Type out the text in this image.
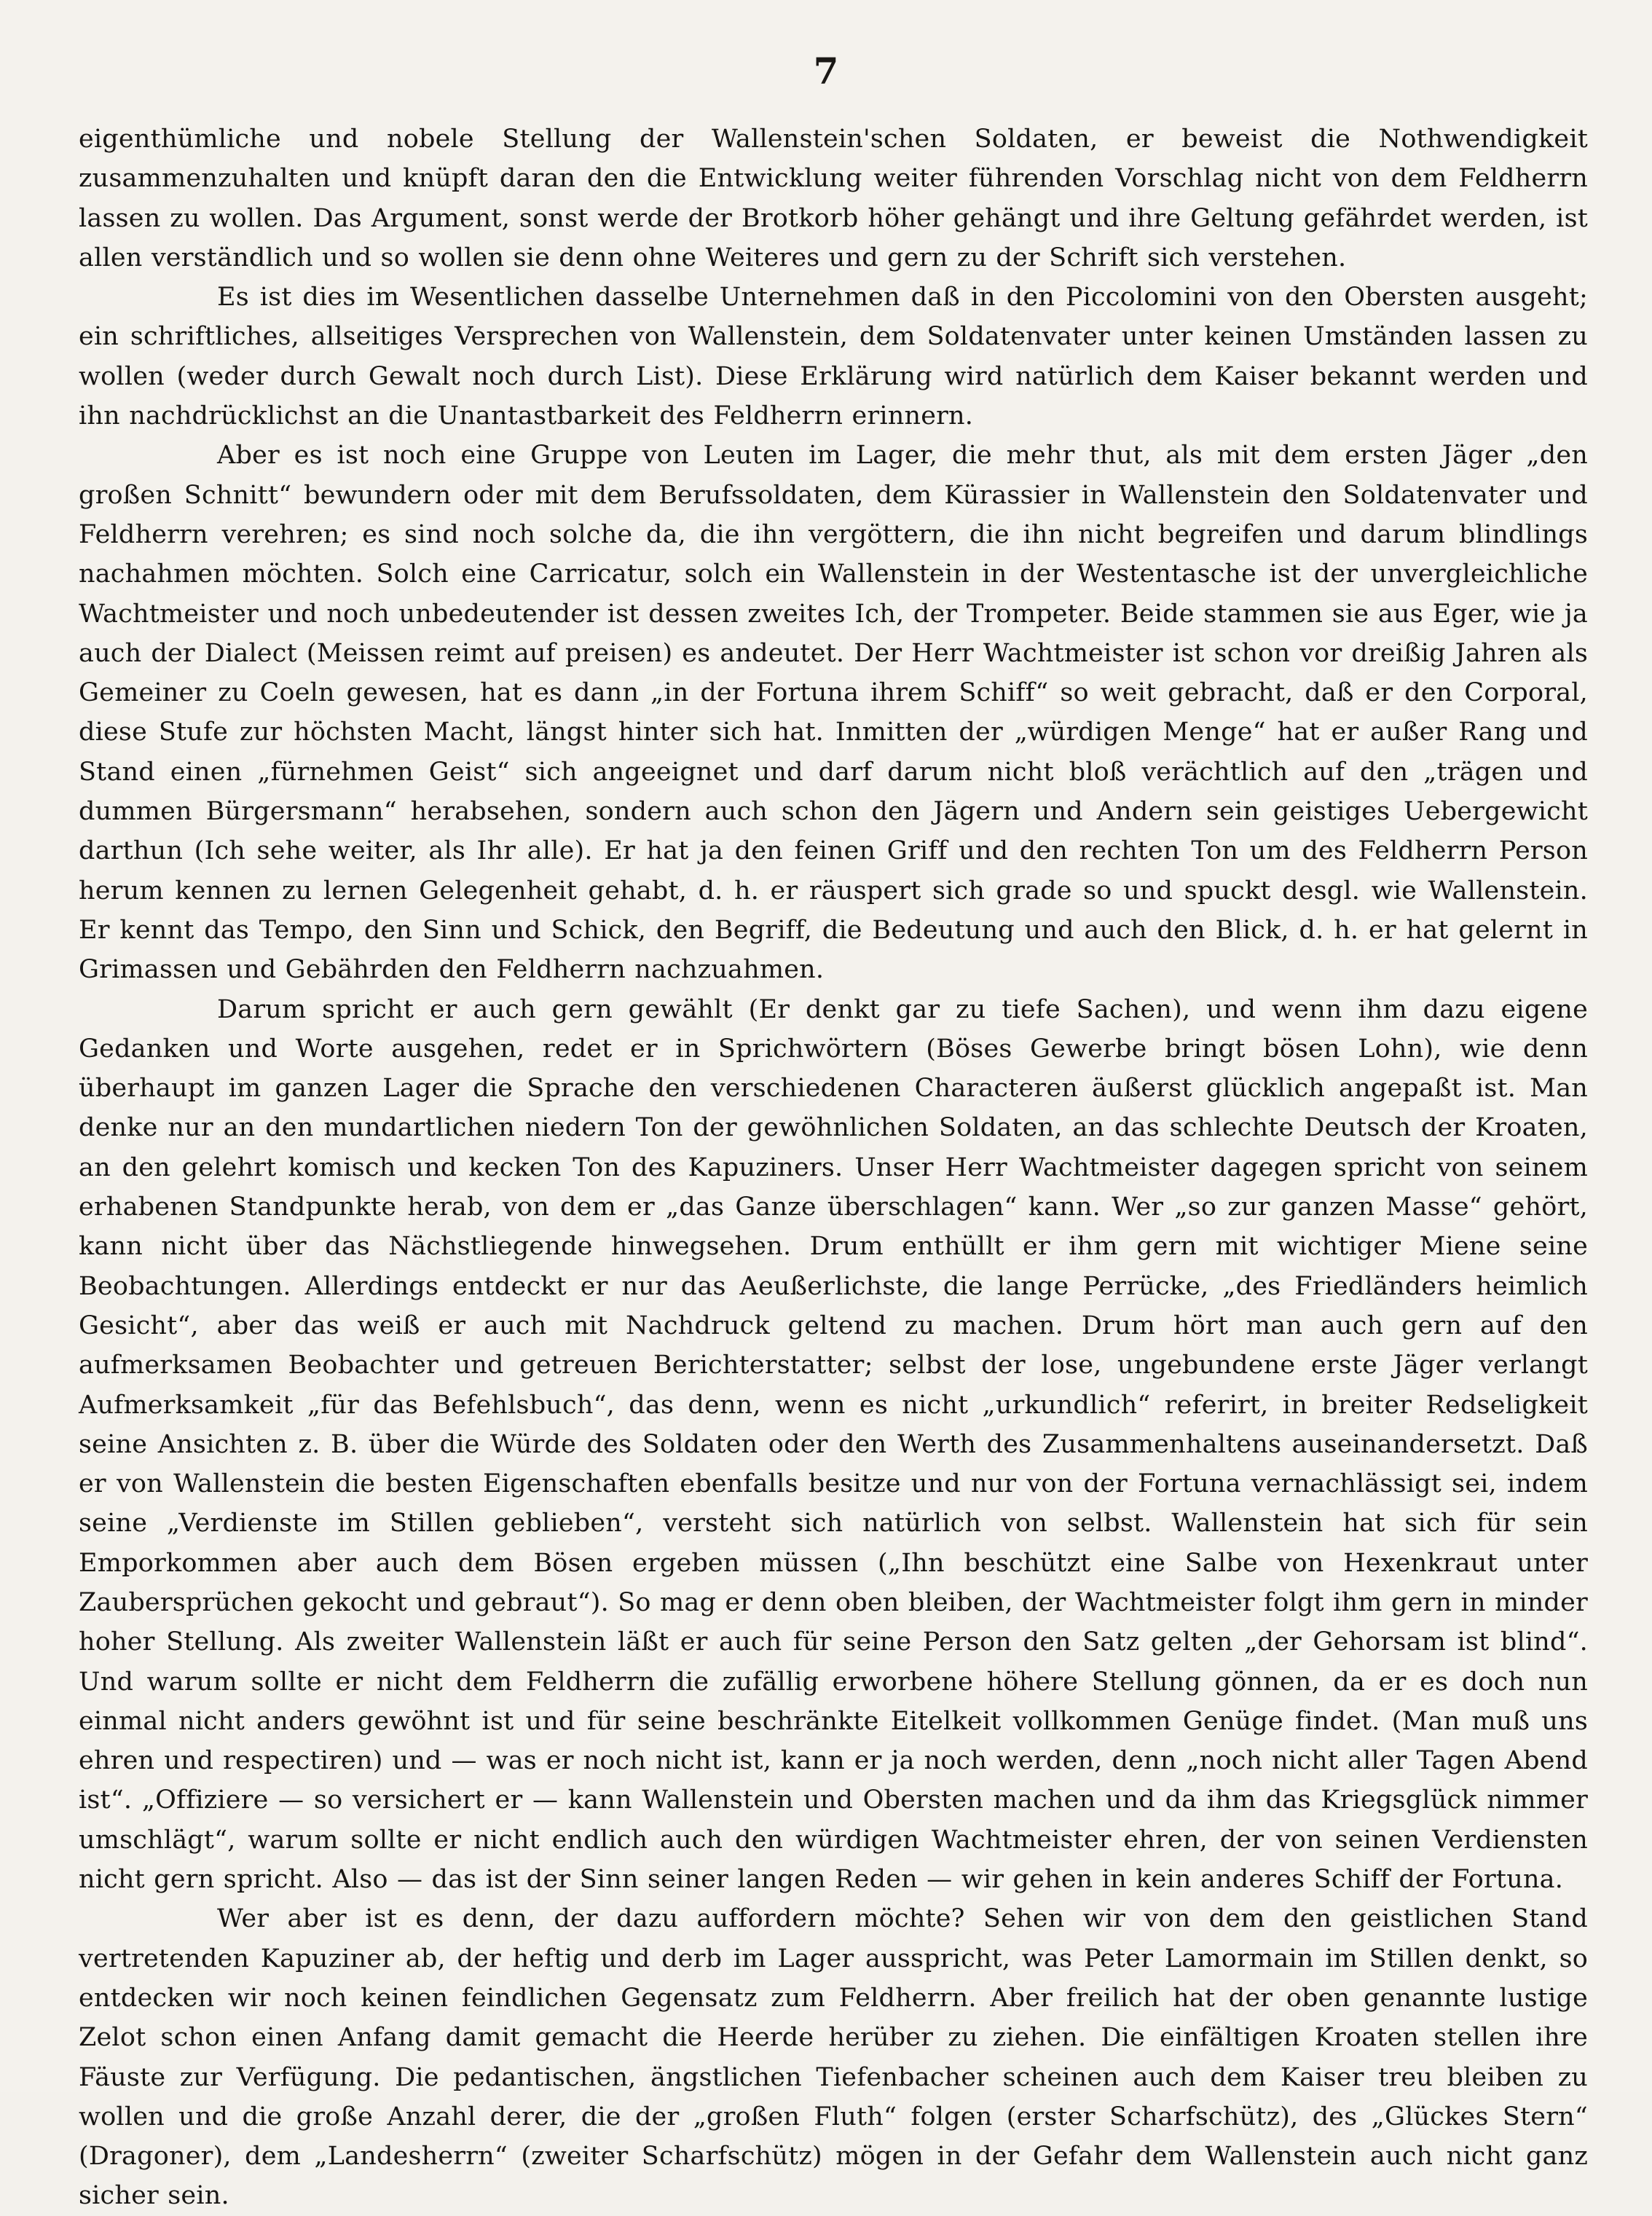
7

eigenthümliche und nobele Stellung der Wallenstein'schen Soldaten, er beweist die Nothwendigkeit zusammenzuhalten und knüpft daran den die Entwicklung weiter führenden Vorschlag nicht von dem Feldherrn lassen zu wollen. Das Argument, sonst werde der Brotkorb höher gehängt und ihre Geltung gefährdet werden, ist allen verständlich und so wollen sie denn ohne Weiteres und gern zu der Schrift sich verstehen.

Es ist dies im Wesentlichen dasselbe Unternehmen daß in den Piccolomini von den Obersten ausgeht; ein schriftliches, allseitiges Versprechen von Wallenstein, dem Soldatenvater unter keinen Umständen lassen zu wollen (weder durch Gewalt noch durch List). Diese Erklärung wird natürlich dem Kaiser bekannt werden und ihn nachdrücklichst an die Unantastbarkeit des Feldherrn erinnern.

Aber es ist noch eine Gruppe von Leuten im Lager, die mehr thut, als mit dem ersten Jäger „den großen Schnitt“ bewundern oder mit dem Berufssoldaten, dem Kürassier in Wallenstein den Soldatenvater und Feldherrn verehren; es sind noch solche da, die ihn vergöttern, die ihn nicht begreifen und darum blindlings nachahmen möchten. Solch eine Carricatur, solch ein Wallenstein in der Westentasche ist der unvergleichliche Wachtmeister und noch unbedeutender ist dessen zweites Ich, der Trompeter. Beide stammen sie aus Eger, wie ja auch der Dialect (Meissen reimt auf preisen) es andeutet. Der Herr Wachtmeister ist schon vor dreißig Jahren als Gemeiner zu Coeln gewesen, hat es dann „in der Fortuna ihrem Schiff“ so weit gebracht, daß er den Corporal, diese Stufe zur höchsten Macht, längst hinter sich hat. Inmitten der „würdigen Menge“ hat er außer Rang und Stand einen „fürnehmen Geist“ sich angeeignet und darf darum nicht bloß verächtlich auf den „trägen und dummen Bürgersmann“ herabsehen, sondern auch schon den Jägern und Andern sein geistiges Uebergewicht darthun (Ich sehe weiter, als Ihr alle). Er hat ja den feinen Griff und den rechten Ton um des Feldherrn Person herum kennen zu lernen Gelegenheit gehabt, d. h. er räuspert sich grade so und spuckt desgl. wie Wallenstein. Er kennt das Tempo, den Sinn und Schick, den Begriff, die Bedeutung und auch den Blick, d. h. er hat gelernt in Grimassen und Gebährden den Feldherrn nachzuahmen.

Darum spricht er auch gern gewählt (Er denkt gar zu tiefe Sachen), und wenn ihm dazu eigene Gedanken und Worte ausgehen, redet er in Sprichwörtern (Böses Gewerbe bringt bösen Lohn), wie denn überhaupt im ganzen Lager die Sprache den verschiedenen Characteren äußerst glücklich angepaßt ist. Man denke nur an den mundartlichen niedern Ton der gewöhnlichen Soldaten, an das schlechte Deutsch der Kroaten, an den gelehrt komisch und kecken Ton des Kapuziners. Unser Herr Wachtmeister dagegen spricht von seinem erhabenen Standpunkte herab, von dem er „das Ganze überschlagen“ kann. Wer „so zur ganzen Masse“ gehört, kann nicht über das Nächstliegende hinwegsehen. Drum enthüllt er ihm gern mit wichtiger Miene seine Beobachtungen. Allerdings entdeckt er nur das Aeußerlichste, die lange Perrücke, „des Friedländers heimlich Gesicht“, aber das weiß er auch mit Nachdruck geltend zu machen. Drum hört man auch gern auf den aufmerksamen Beobachter und getreuen Berichterstatter; selbst der lose, ungebundene erste Jäger verlangt Aufmerksamkeit „für das Befehlsbuch“, das denn, wenn es nicht „urkundlich“ referirt, in breiter Redseligkeit seine Ansichten z. B. über die Würde des Soldaten oder den Werth des Zusammenhaltens auseinandersetzt. Daß er von Wallenstein die besten Eigenschaften ebenfalls besitze und nur von der Fortuna vernachlässigt sei, indem seine „Verdienste im Stillen geblieben“, versteht sich natürlich von selbst. Wallenstein hat sich für sein Emporkommen aber auch dem Bösen ergeben müssen („Ihn beschützt eine Salbe von Hexenkraut unter Zaubersprüchen gekocht und gebraut“). So mag er denn oben bleiben, der Wachtmeister folgt ihm gern in minder hoher Stellung. Als zweiter Wallenstein läßt er auch für seine Person den Satz gelten „der Gehorsam ist blind“. Und warum sollte er nicht dem Feldherrn die zufällig erworbene höhere Stellung gönnen, da er es doch nun einmal nicht anders gewöhnt ist und für seine beschränkte Eitelkeit vollkommen Genüge findet. (Man muß uns ehren und respectiren) und — was er noch nicht ist, kann er ja noch werden, denn „noch nicht aller Tagen Abend ist“. „Offiziere — so versichert er — kann Wallenstein und Obersten machen und da ihm das Kriegsglück nimmer umschlägt“, warum sollte er nicht endlich auch den würdigen Wachtmeister ehren, der von seinen Verdiensten nicht gern spricht. Also — das ist der Sinn seiner langen Reden — wir gehen in kein anderes Schiff der Fortuna.

Wer aber ist es denn, der dazu auffordern möchte? Sehen wir von dem den geistlichen Stand vertretenden Kapuziner ab, der heftig und derb im Lager ausspricht, was Peter Lamormain im Stillen denkt, so entdecken wir noch keinen feindlichen Gegensatz zum Feldherrn. Aber freilich hat der oben genannte lustige Zelot schon einen Anfang damit gemacht die Heerde herüber zu ziehen. Die einfältigen Kroaten stellen ihre Fäuste zur Verfügung. Die pedantischen, ängstlichen Tiefenbacher scheinen auch dem Kaiser treu bleiben zu wollen und die große Anzahl derer, die der „großen Fluth“ folgen (erster Scharfschütz), des „Glückes Stern“ (Dragoner), dem „Landesherrn“ (zweiter Scharfschütz) mögen in der Gefahr dem Wallenstein auch nicht ganz sicher sein.
